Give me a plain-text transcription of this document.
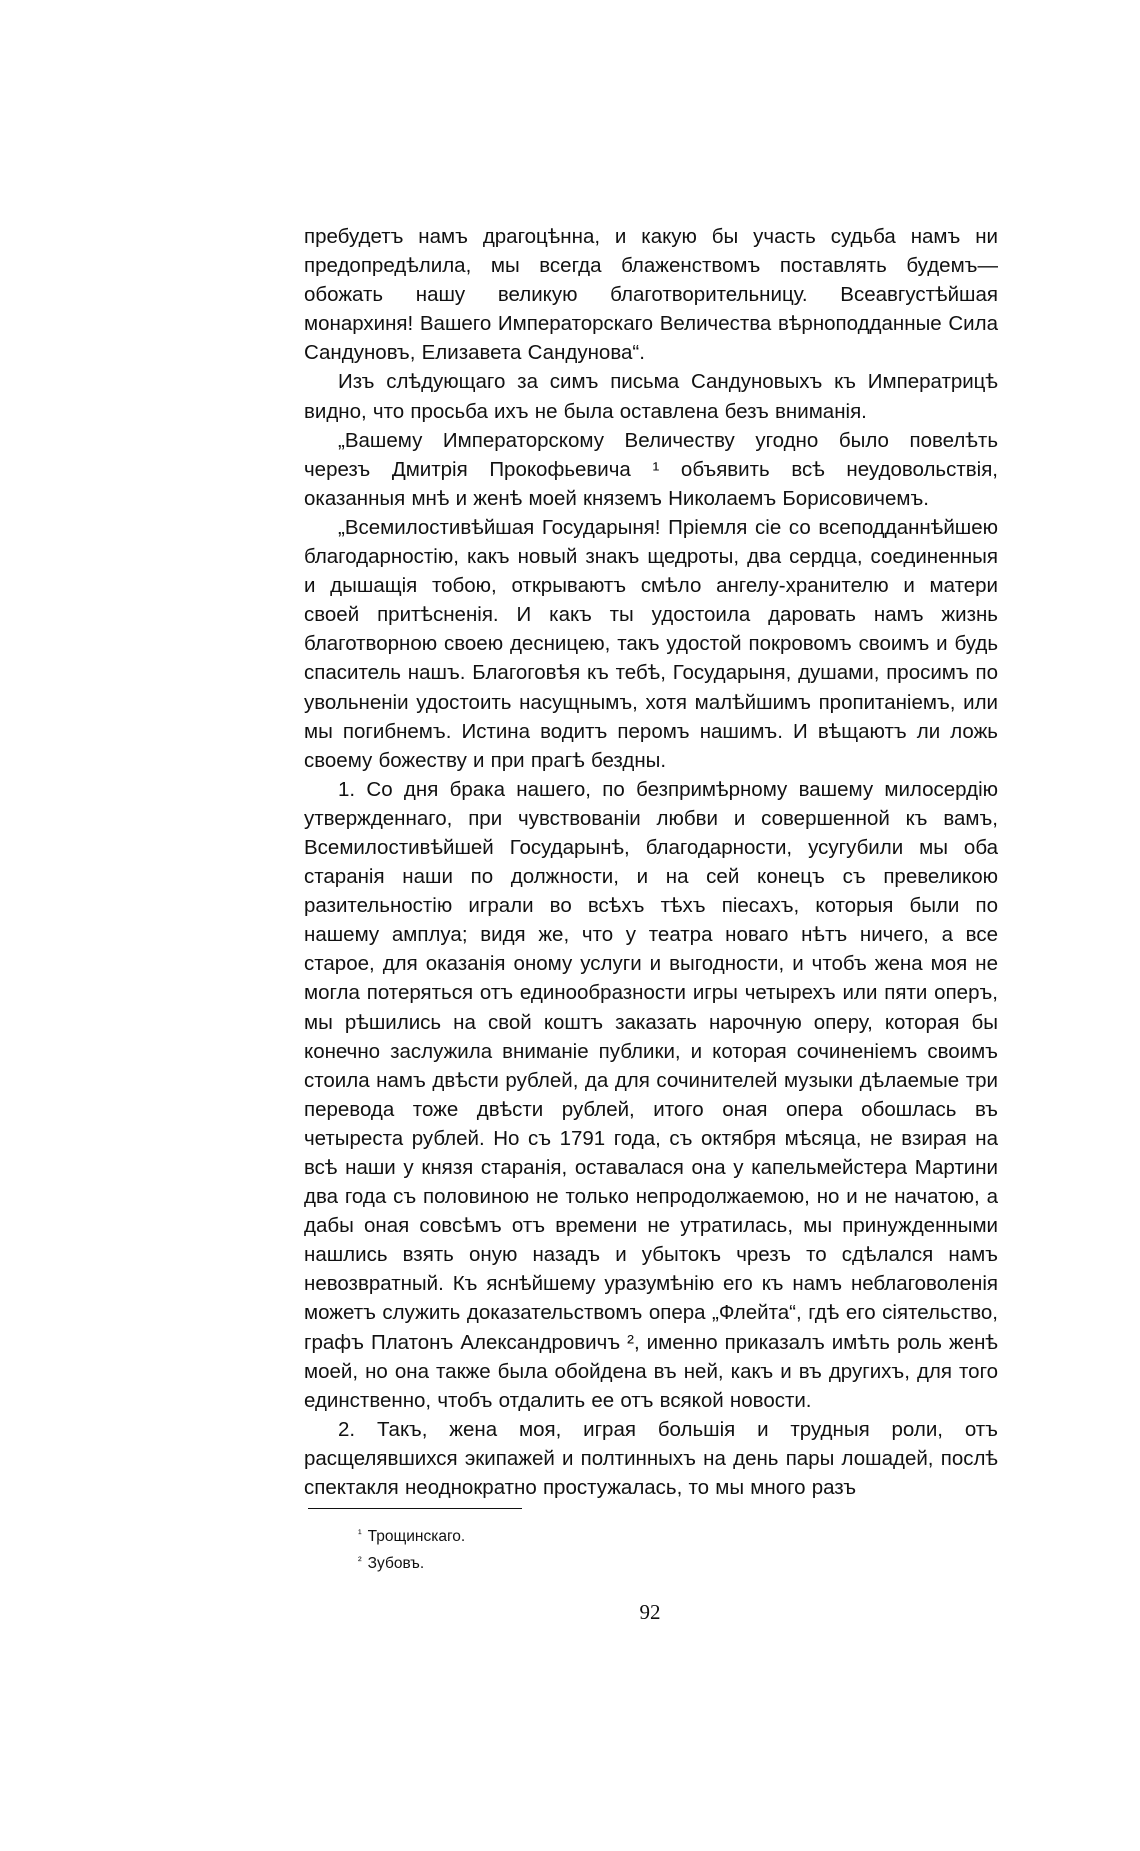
пребудетъ намъ драгоцѣнна, и какую бы участь судьба намъ ни предопредѣлила, мы всегда блаженствомъ поставлять будемъ— обожать нашу великую благотворительницу. Всеавгустѣйшая монархиня! Вашего Императорскаго Величества вѣрноподданные Сила Сандуновъ, Елизавета Сандунова“.

Изъ слѣдующаго за симъ письма Сандуновыхъ къ Императрицѣ видно, что просьба ихъ не была оставлена безъ вниманія.

„Вашему Императорскому Величеству угодно было повелѣть черезъ Дмитрія Прокофьевича ¹ объявить всѣ неудовольствія, оказанныя мнѣ и женѣ моей княземъ Николаемъ Борисовичемъ.

„Всемилостивѣйшая Государыня! Пріемля сіе со всеподданнѣйшею благодарностію, какъ новый знакъ щедроты, два сердца, соединенныя и дышащія тобою, открываютъ смѣло ангелу-хранителю и матери своей притѣсненія. И какъ ты удостоила даровать намъ жизнь благотворною своею десницею, такъ удостой покровомъ своимъ и будь спаситель нашъ. Благоговѣя къ тебѣ, Государыня, душами, просимъ по увольненіи удостоить насущнымъ, хотя малѣйшимъ пропитаніемъ, или мы погибнемъ. Истина водитъ перомъ нашимъ. И вѣщаютъ ли ложь своему божеству и при прагѣ бездны.

1. Со дня брака нашего, по безпримѣрному вашему милосердію утвержденнаго, при чувствованіи любви и совершенной къ вамъ, Всемилостивѣйшей Государынѣ, благодарности, усугубили мы оба старанія наши по должности, и на сей конецъ съ превеликою разительностію играли во всѣхъ тѣхъ піесахъ, которыя были по нашему амплуа; видя же, что у театра новаго нѣтъ ничего, а все старое, для оказанія оному услуги и выгодности, и чтобъ жена моя не могла потеряться отъ единообразности игры четырехъ или пяти оперъ, мы рѣшились на свой коштъ заказать нарочную оперу, которая бы конечно заслужила вниманіе публики, и которая сочиненіемъ своимъ стоила намъ двѣсти рублей, да для сочинителей музыки дѣлаемые три перевода тоже двѣсти рублей, итого оная опера обошлась въ четыреста рублей. Но съ 1791 года, съ октября мѣсяца, не взирая на всѣ наши у князя старанія, оставалася она у капельмейстера Мартини два года съ половиною не только непродолжаемою, но и не начатою, а дабы оная совсѣмъ отъ времени не утратилась, мы принужденными нашлись взять оную назадъ и убытокъ чрезъ то сдѣлался намъ невозвратный. Къ яснѣйшему уразумѣнію его къ намъ неблаговоленія можетъ служить доказательствомъ опера „Флейта“, гдѣ его сіятельство, графъ Платонъ Александровичъ ², именно приказалъ имѣть роль женѣ моей, но она также была обойдена въ ней, какъ и въ другихъ, для того единственно, чтобъ отдалить ее отъ всякой новости.

2. Такъ, жена моя, играя большія и трудныя роли, отъ расщелявшихся экипажей и полтинныхъ на день пары лошадей, послѣ спектакля неоднократно простужалась, то мы много разъ

$^{^1}$ Трощинскаго.
$^{^2}$ Зубовъ.
92
